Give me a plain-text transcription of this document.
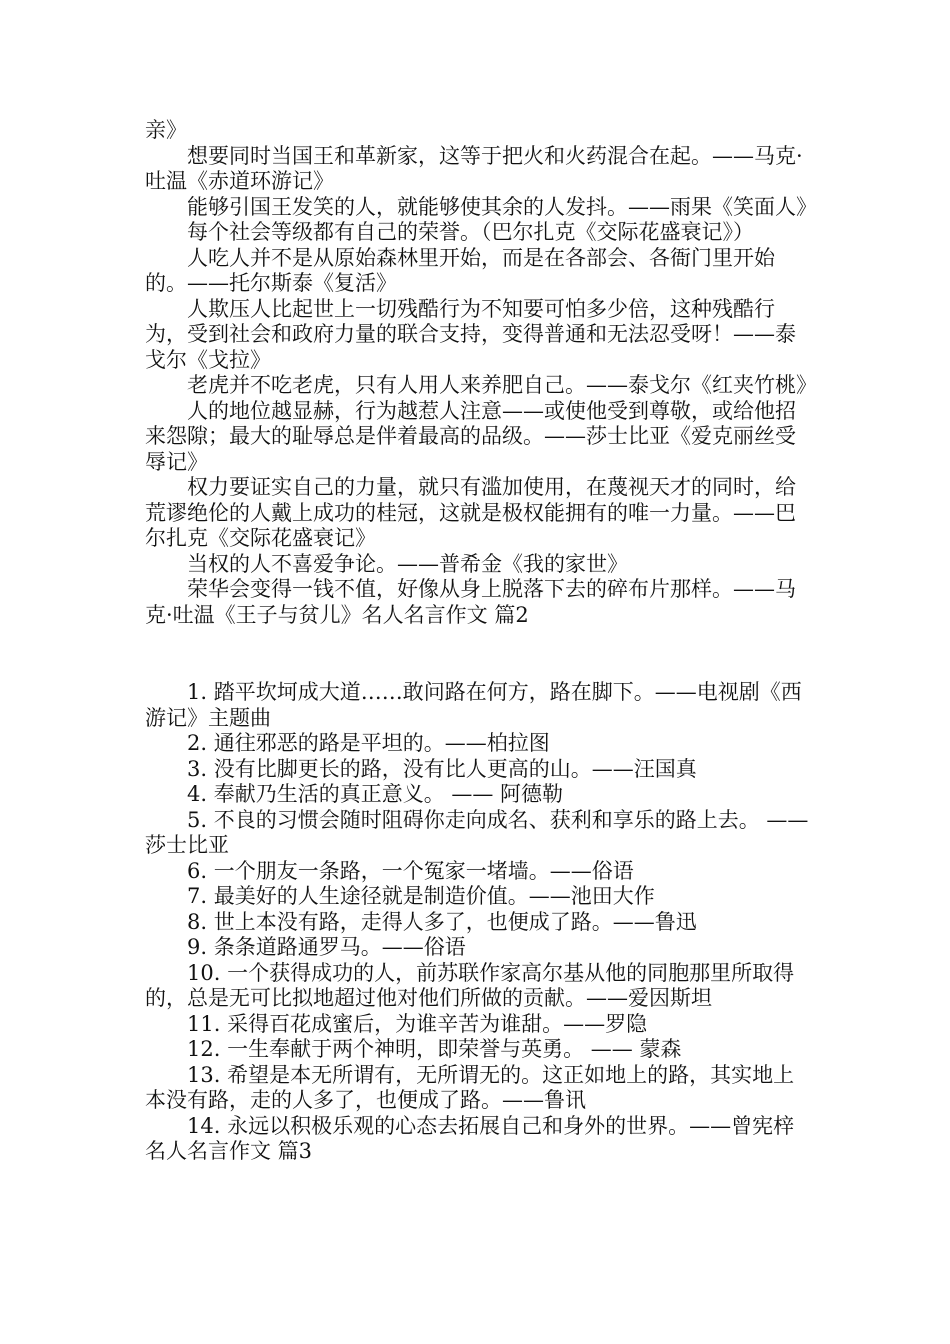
亲》

想要同时当国王和革新家，这等于把火和火药混合在起。——马克·吐温《赤道环游记》

能够引国王发笑的人，就能够使其余的人发抖。——雨果《笑面人》

每个社会等级都有自己的荣誉。（巴尔扎克《交际花盛衰记》）

人吃人并不是从原始森林里开始，而是在各部会、各衙门里开始的。——托尔斯泰《复活》

人欺压人比起世上一切残酷行为不知要可怕多少倍，这种残酷行为，受到社会和政府力量的联合支持，变得普通和无法忍受呀！——泰戈尔《戈拉》

老虎并不吃老虎，只有人用人来养肥自己。——泰戈尔《红夹竹桃》

人的地位越显赫，行为越惹人注意——或使他受到尊敬，或给他招来怨隙；最大的耻辱总是伴着最高的品级。——莎士比亚《爱克丽丝受辱记》

权力要证实自己的力量，就只有滥加使用，在蔑视天才的同时，给荒谬绝伦的人戴上成功的桂冠，这就是极权能拥有的唯一力量。——巴尔扎克《交际花盛衰记》

当权的人不喜爱争论。——普希金《我的家世》

荣华会变得一钱不值，好像从身上脱落下去的碎布片那样。——马克·吐温《王子与贫儿》名人名言作文 篇2

1. 踏平坎坷成大道……敢问路在何方，路在脚下。——电视剧《西游记》主题曲

2. 通往邪恶的路是平坦的。——柏拉图

3. 没有比脚更长的路，没有比人更高的山。——汪国真

4. 奉献乃生活的真正意义。 —— 阿德勒

5. 不良的习惯会随时阻碍你走向成名、获利和享乐的路上去。 —— 莎士比亚

6. 一个朋友一条路，一个冤家一堵墙。——俗语

7. 最美好的人生途径就是制造价值。——池田大作

8. 世上本没有路，走得人多了，也便成了路。——鲁迅

9. 条条道路通罗马。——俗语

10. 一个获得成功的人，前苏联作家高尔基从他的同胞那里所取得的，总是无可比拟地超过他对他们所做的贡献。——爱因斯坦

11. 采得百花成蜜后，为谁辛苦为谁甜。——罗隐

12. 一生奉献于两个神明，即荣誉与英勇。 —— 蒙森

13. 希望是本无所谓有，无所谓无的。这正如地上的路，其实地上本没有路，走的人多了，也便成了路。——鲁讯

14. 永远以积极乐观的心态去拓展自己和身外的世界。——曾宪梓名人名言作文 篇3
